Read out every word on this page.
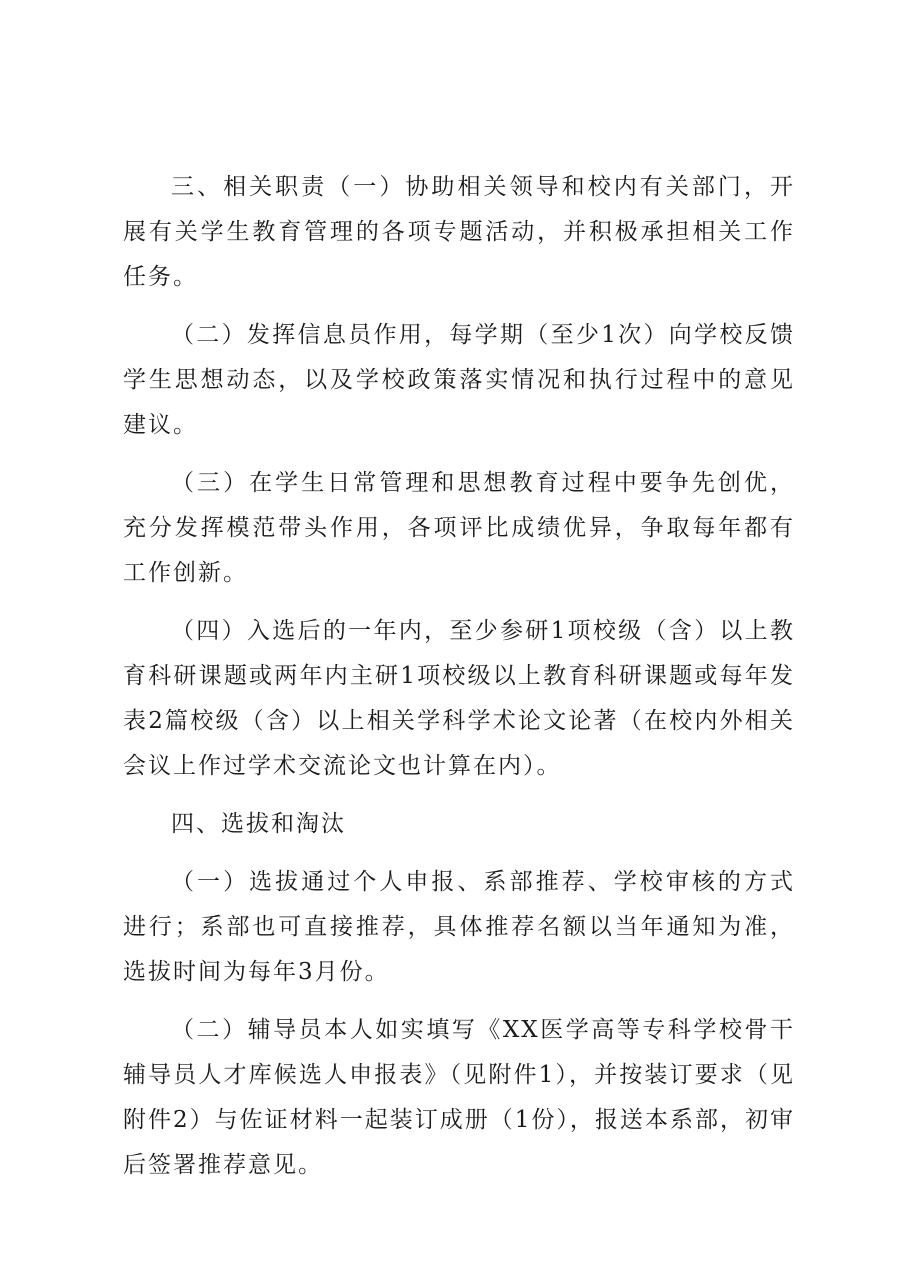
三、相关职责（一）协助相关领导和校内有关部门，开展有关学生教育管理的各项专题活动，并积极承担相关工作任务。

（二）发挥信息员作用，每学期（至少1次）向学校反馈学生思想动态，以及学校政策落实情况和执行过程中的意见建议。

（三）在学生日常管理和思想教育过程中要争先创优，充分发挥模范带头作用，各项评比成绩优异，争取每年都有工作创新。

（四）入选后的一年内，至少参研1项校级（含）以上教育科研课题或两年内主研1项校级以上教育科研课题或每年发表2篇校级（含）以上相关学科学术论文论著（在校内外相关会议上作过学术交流论文也计算在内）。

四、选拔和淘汰

（一）选拔通过个人申报、系部推荐、学校审核的方式进行；系部也可直接推荐，具体推荐名额以当年通知为准，选拔时间为每年3月份。

（二）辅导员本人如实填写《XX医学高等专科学校骨干辅导员人才库候选人申报表》（见附件1），并按装订要求（见附件2）与佐证材料一起装订成册（1份），报送本系部，初审后签署推荐意见。
